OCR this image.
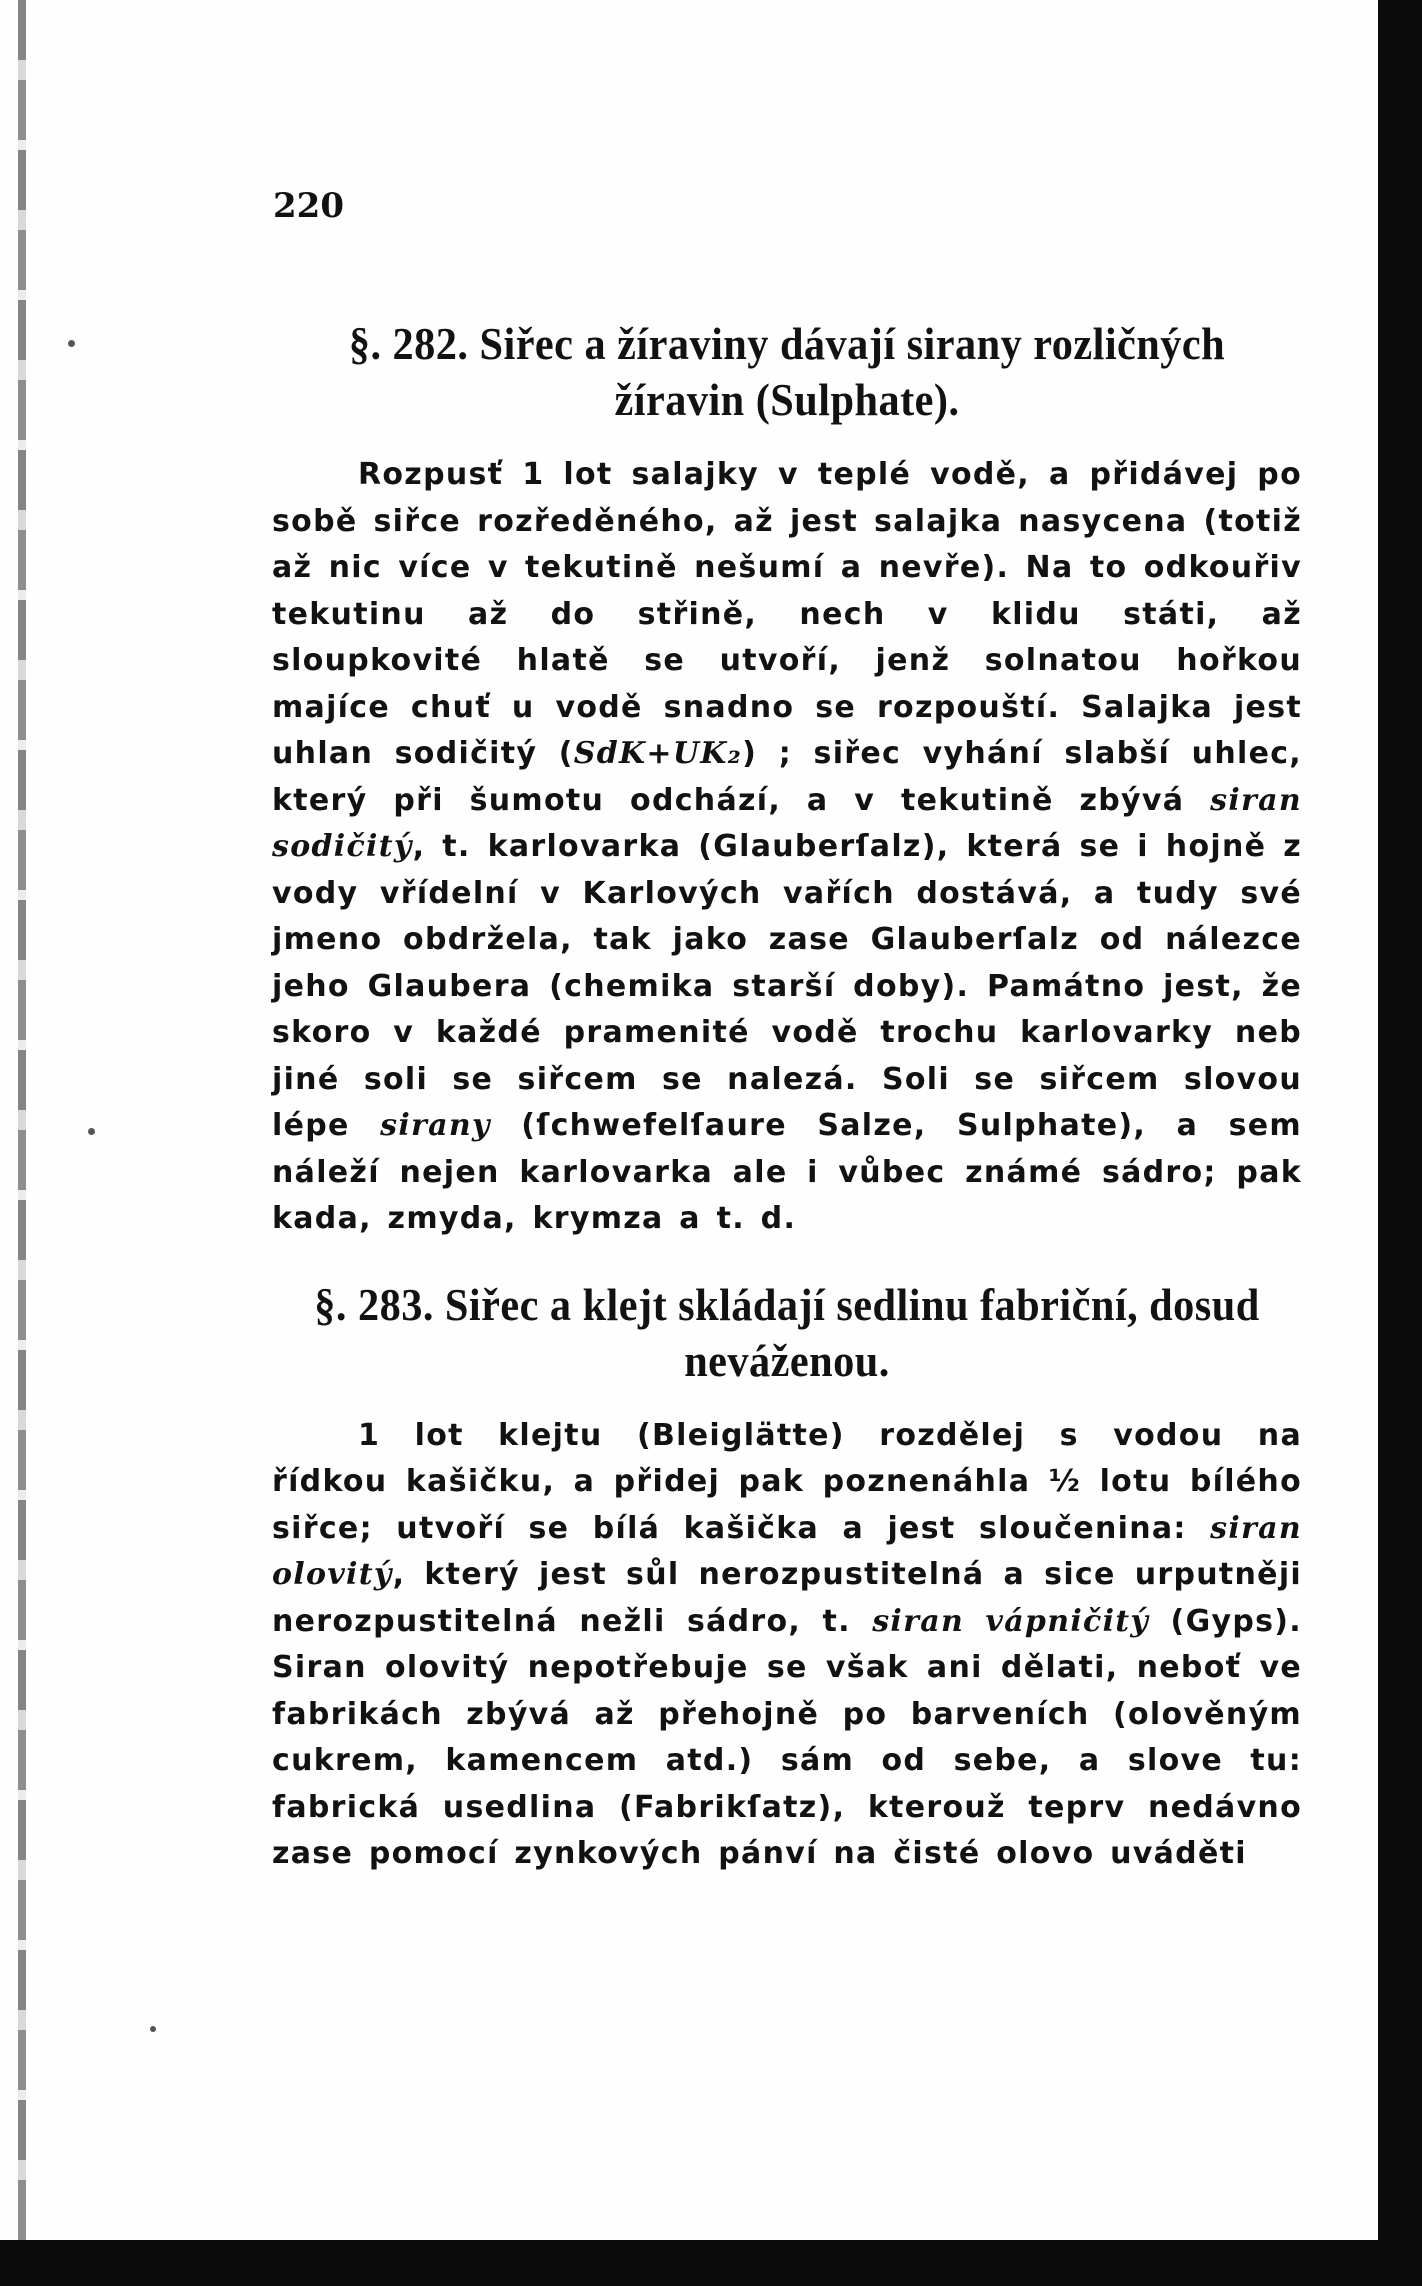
220

§. 282. Siřec a žíraviny dávají sirany rozličných žíravin (Sulphate).

Rozpusť 1 lot salajky v teplé vodě, a přidávej po sobě siřce rozředěného, až jest salajka nasycena (totiž až nic více v tekutině nešumí a nevře). Na to odkouřiv tekutinu až do střině, nech v klidu státi, až sloupkovité hlatě se utvoří, jenž solnatou hořkou majíce chuť u vodě snadno se rozpouští. Salajka jest uhlan sodičitý (SdK+UK₂) ; siřec vyhání slabší uhlec, který při šumotu odchází, a v tekutině zbývá siran sodičitý, t. karlovarka (Glauberſalz), která se i hojně z vody vřídelní v Karlových vařích dostává, a tudy své jmeno obdržela, tak jako zase Glauberſalz od nálezce jeho Glaubera (chemika starší doby). Památno jest, že skoro v každé pramenité vodě trochu karlovarky neb jiné soli se siřcem se nalezá. Soli se siřcem slovou lépe sirany (ſchwefelſaure Salze, Sulphate), a sem náleží nejen karlovarka ale i vůbec známé sádro; pak kada, zmyda, krymza a t. d.

§. 283. Siřec a klejt skládají sedlinu fabriční, dosud neváženou.

1 lot klejtu (Bleiglätte) rozdělej s vodou na řídkou kašičku, a přidej pak poznenáhla ½ lotu bílého siřce; utvoří se bílá kašička a jest sloučenina: siran olovitý, který jest sůl nerozpustitelná a sice urputněji nerozpustitelná nežli sádro, t. siran vápničitý (Gyps). Siran olovitý nepotřebuje se však ani dělati, neboť ve fabrikách zbývá až přehojně po barveních (olověným cukrem, kamencem atd.) sám od sebe, a slove tu: fabrická usedlina (Fabrikſatz), kterouž teprv nedávno zase pomocí zynkových pánví na čisté olovo uváděti
